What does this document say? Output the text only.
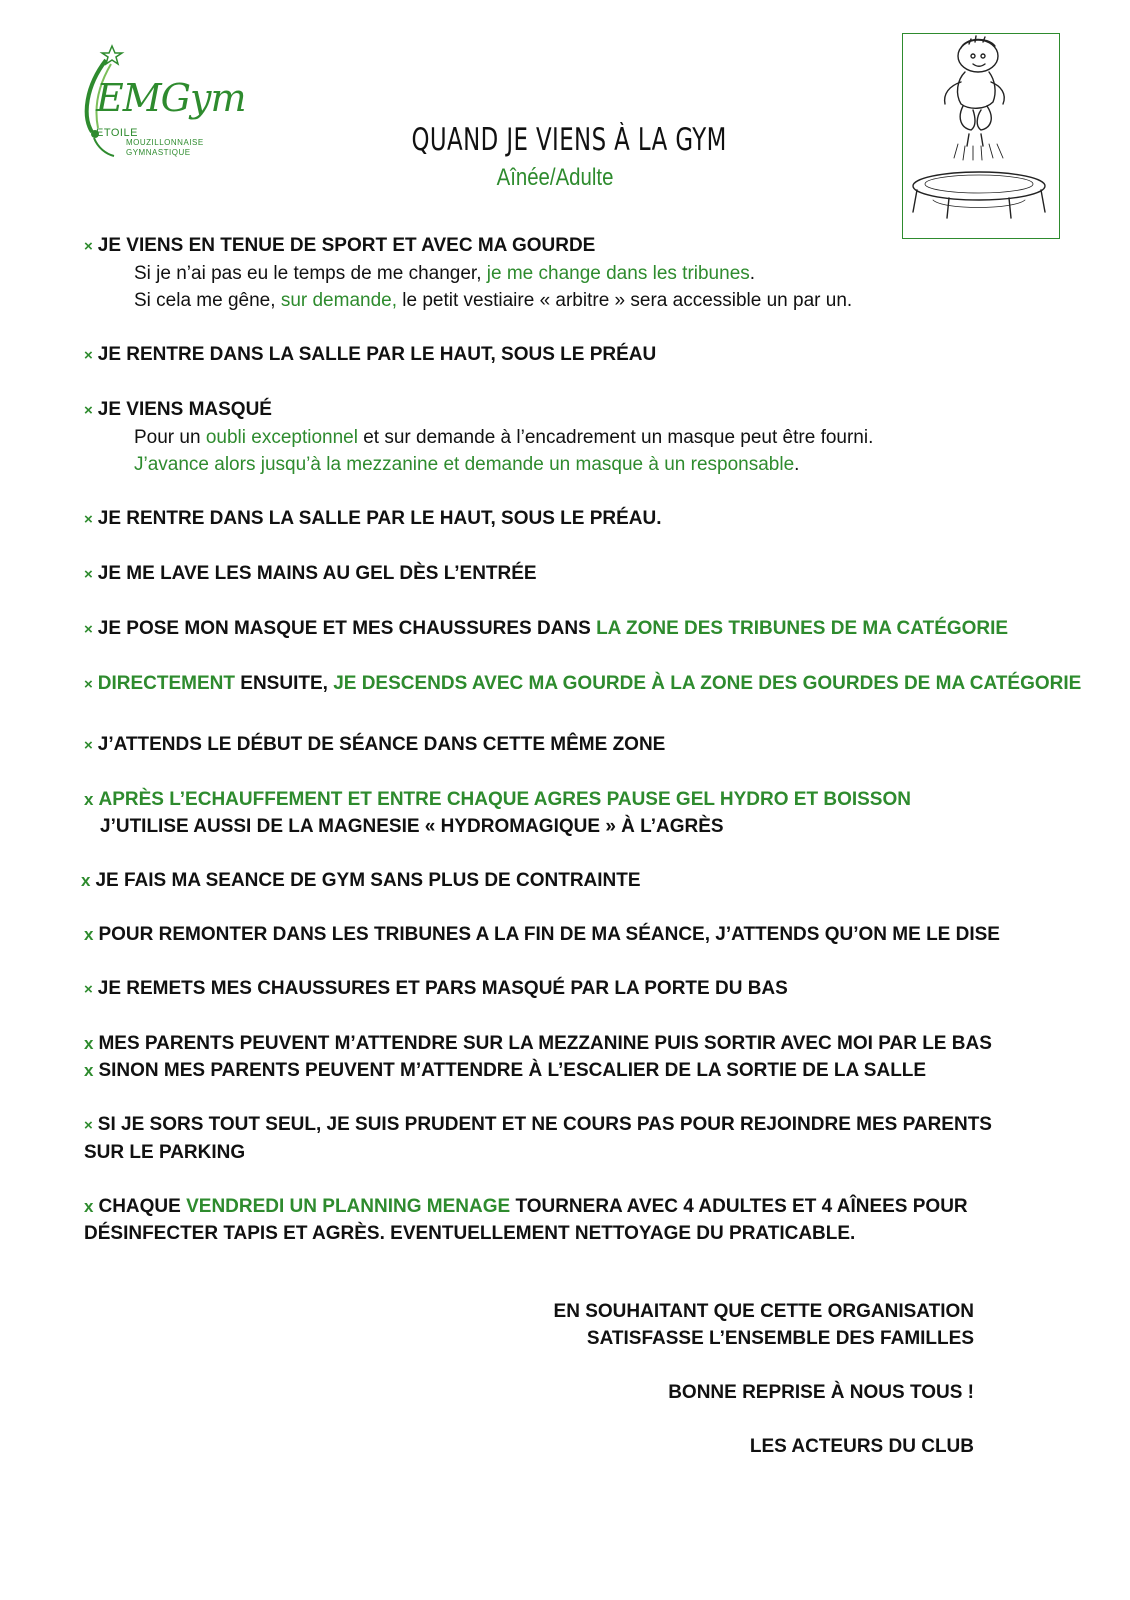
EMGym
ETOILE
MOUZILLONNAISE
GYMNASTIQUE	QUAND JE VIENS À LA GYM
Aînée/Adulte
× JE VIENS EN TENUE DE SPORT ET AVEC MA GOURDE
Si je n’ai pas eu le temps de me changer, je me change dans les tribunes.
Si cela me gêne, sur demande, le petit vestiaire « arbitre » sera accessible un par un.
× JE RENTRE DANS LA SALLE PAR LE HAUT, SOUS LE PRÉAU
× JE VIENS MASQUÉ
Pour un oubli exceptionnel et sur demande à l’encadrement un masque peut être fourni.
J’avance alors jusqu’à la mezzanine et demande un masque à un responsable.
× JE RENTRE DANS LA SALLE PAR LE HAUT, SOUS LE PRÉAU.
× JE ME LAVE LES MAINS AU GEL DÈS L’ENTRÉE
× JE POSE MON MASQUE ET MES CHAUSSURES DANS LA ZONE DES TRIBUNES DE MA CATÉGORIE
× DIRECTEMENT ENSUITE, JE DESCENDS AVEC MA GOURDE À LA ZONE DES GOURDES DE MA CATÉGORIE
× J’ATTENDS LE DÉBUT DE SÉANCE DANS CETTE MÊME ZONE
x APRÈS L’ECHAUFFEMENT ET ENTRE CHAQUE AGRES PAUSE GEL HYDRO ET BOISSON
J’UTILISE AUSSI DE LA MAGNESIE « HYDROMAGIQUE » À L’AGRÈS
x JE FAIS MA SEANCE DE GYM SANS PLUS DE CONTRAINTE
x POUR REMONTER DANS LES TRIBUNES A LA FIN DE MA SÉANCE, J’ATTENDS QU’ON ME LE DISE
× JE REMETS MES CHAUSSURES ET PARS MASQUÉ PAR LA PORTE DU BAS
x MES PARENTS PEUVENT M’ATTENDRE SUR LA MEZZANINE PUIS SORTIR AVEC MOI PAR LE BAS
x SINON MES PARENTS PEUVENT M’ATTENDRE À L’ESCALIER DE LA SORTIE DE LA SALLE
× SI JE SORS TOUT SEUL, JE SUIS PRUDENT ET NE COURS PAS POUR REJOINDRE MES PARENTS
SUR LE PARKING
x CHAQUE VENDREDI UN PLANNING MENAGE TOURNERA AVEC 4 ADULTES ET 4 AÎNEES POUR
DÉSINFECTER TAPIS ET AGRÈS. EVENTUELLEMENT NETTOYAGE DU PRATICABLE.

EN SOUHAITANT QUE CETTE ORGANISATION

SATISFASSE L’ENSEMBLE DES FAMILLES

BONNE REPRISE À NOUS TOUS !

LES ACTEURS DU CLUB
